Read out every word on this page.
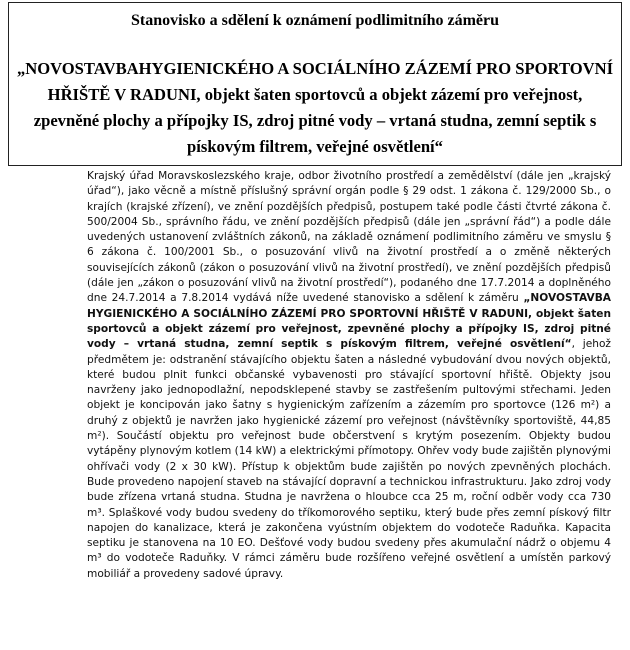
Stanovisko a sdělení k oznámení podlimitního záměru
„NOVOSTAVBAHYGIENICKÉHO A SOCIÁLNÍHO ZÁZEMÍ PRO SPORTOVNÍ HŘIŠTĚ V RADUNI, objekt šaten sportovců a objekt zázemí pro veřejnost, zpevněné plochy a přípojky IS, zdroj pitné vody – vrtaná studna, zemní septik s pískovým filtrem, veřejné osvětlení“

Krajský úřad Moravskoslezského kraje, odbor životního prostředí a zemědělství (dále jen „krajský úřad“), jako věcně a místně příslušný správní orgán podle § 29 odst. 1 zákona č. 129/2000 Sb., o krajích (krajské zřízení), ve znění pozdějších předpisů, postupem také podle části čtvrté zákona č. 500/2004 Sb., správního řádu, ve znění pozdějších předpisů (dále jen „správní řád“) a podle dále uvedených ustanovení zvláštních zákonů, na základě oznámení podlimitního záměru ve smyslu § 6 zákona č. 100/2001 Sb., o posuzování vlivů na životní prostředí a o změně některých souvisejících zákonů (zákon o posuzování vlivů na životní prostředí), ve znění pozdějších předpisů (dále jen „zákon o posuzování vlivů na životní prostředí“), podaného dne 17.7.2014 a doplněného dne 24.7.2014 a 7.8.2014 vydává níže uvedené stanovisko a sdělení k záměru „NOVOSTAVBA HYGIENICKÉHO A SOCIÁLNÍHO ZÁZEMÍ PRO SPORTOVNÍ HŘIŠTĚ V RADUNI, objekt šaten sportovců a objekt zázemí pro veřejnost, zpevněné plochy a přípojky IS, zdroj pitné vody – vrtaná studna, zemní septik s pískovým filtrem, veřejné osvětlení“, jehož předmětem je: odstranění stávajícího objektu šaten a následné vybudování dvou nových objektů, které budou plnit funkci občanské vybavenosti pro stávající sportovní hřiště. Objekty jsou navrženy jako jednopodlažní, nepodsklepené stavby se zastřešením pultovými střechami. Jeden objekt je koncipován jako šatny s hygienickým zařízením a zázemím pro sportovce (126 m²) a druhý z objektů je navržen jako hygienické zázemí pro veřejnost (návštěvníky sportoviště, 44,85 m²). Součástí objektu pro veřejnost bude občerstvení s krytým posezením. Objekty budou vytápěny plynovým kotlem (14 kW) a elektrickými přímotopy. Ohřev vody bude zajištěn plynovými ohřívači vody (2 x 30 kW). Přístup k objektům bude zajištěn po nových zpevněných plochách. Bude provedeno napojení staveb na stávající dopravní a technickou infrastrukturu. Jako zdroj vody bude zřízena vrtaná studna. Studna je navržena o hloubce cca 25 m, roční odběr vody cca 730 m³. Splaškové vody budou svedeny do tříkomorového septiku, který bude přes zemní pískový filtr napojen do kanalizace, která je zakončena vyústním objektem do vodoteče Raduňka. Kapacita septiku je stanovena na 10 EO. Dešťové vody budou svedeny přes akumulační nádrž o objemu 4 m³ do vodoteče Raduňky. V rámci záměru bude rozšířeno veřejné osvětlení a umístěn parkový mobiliář a provedeny sadové úpravy.
